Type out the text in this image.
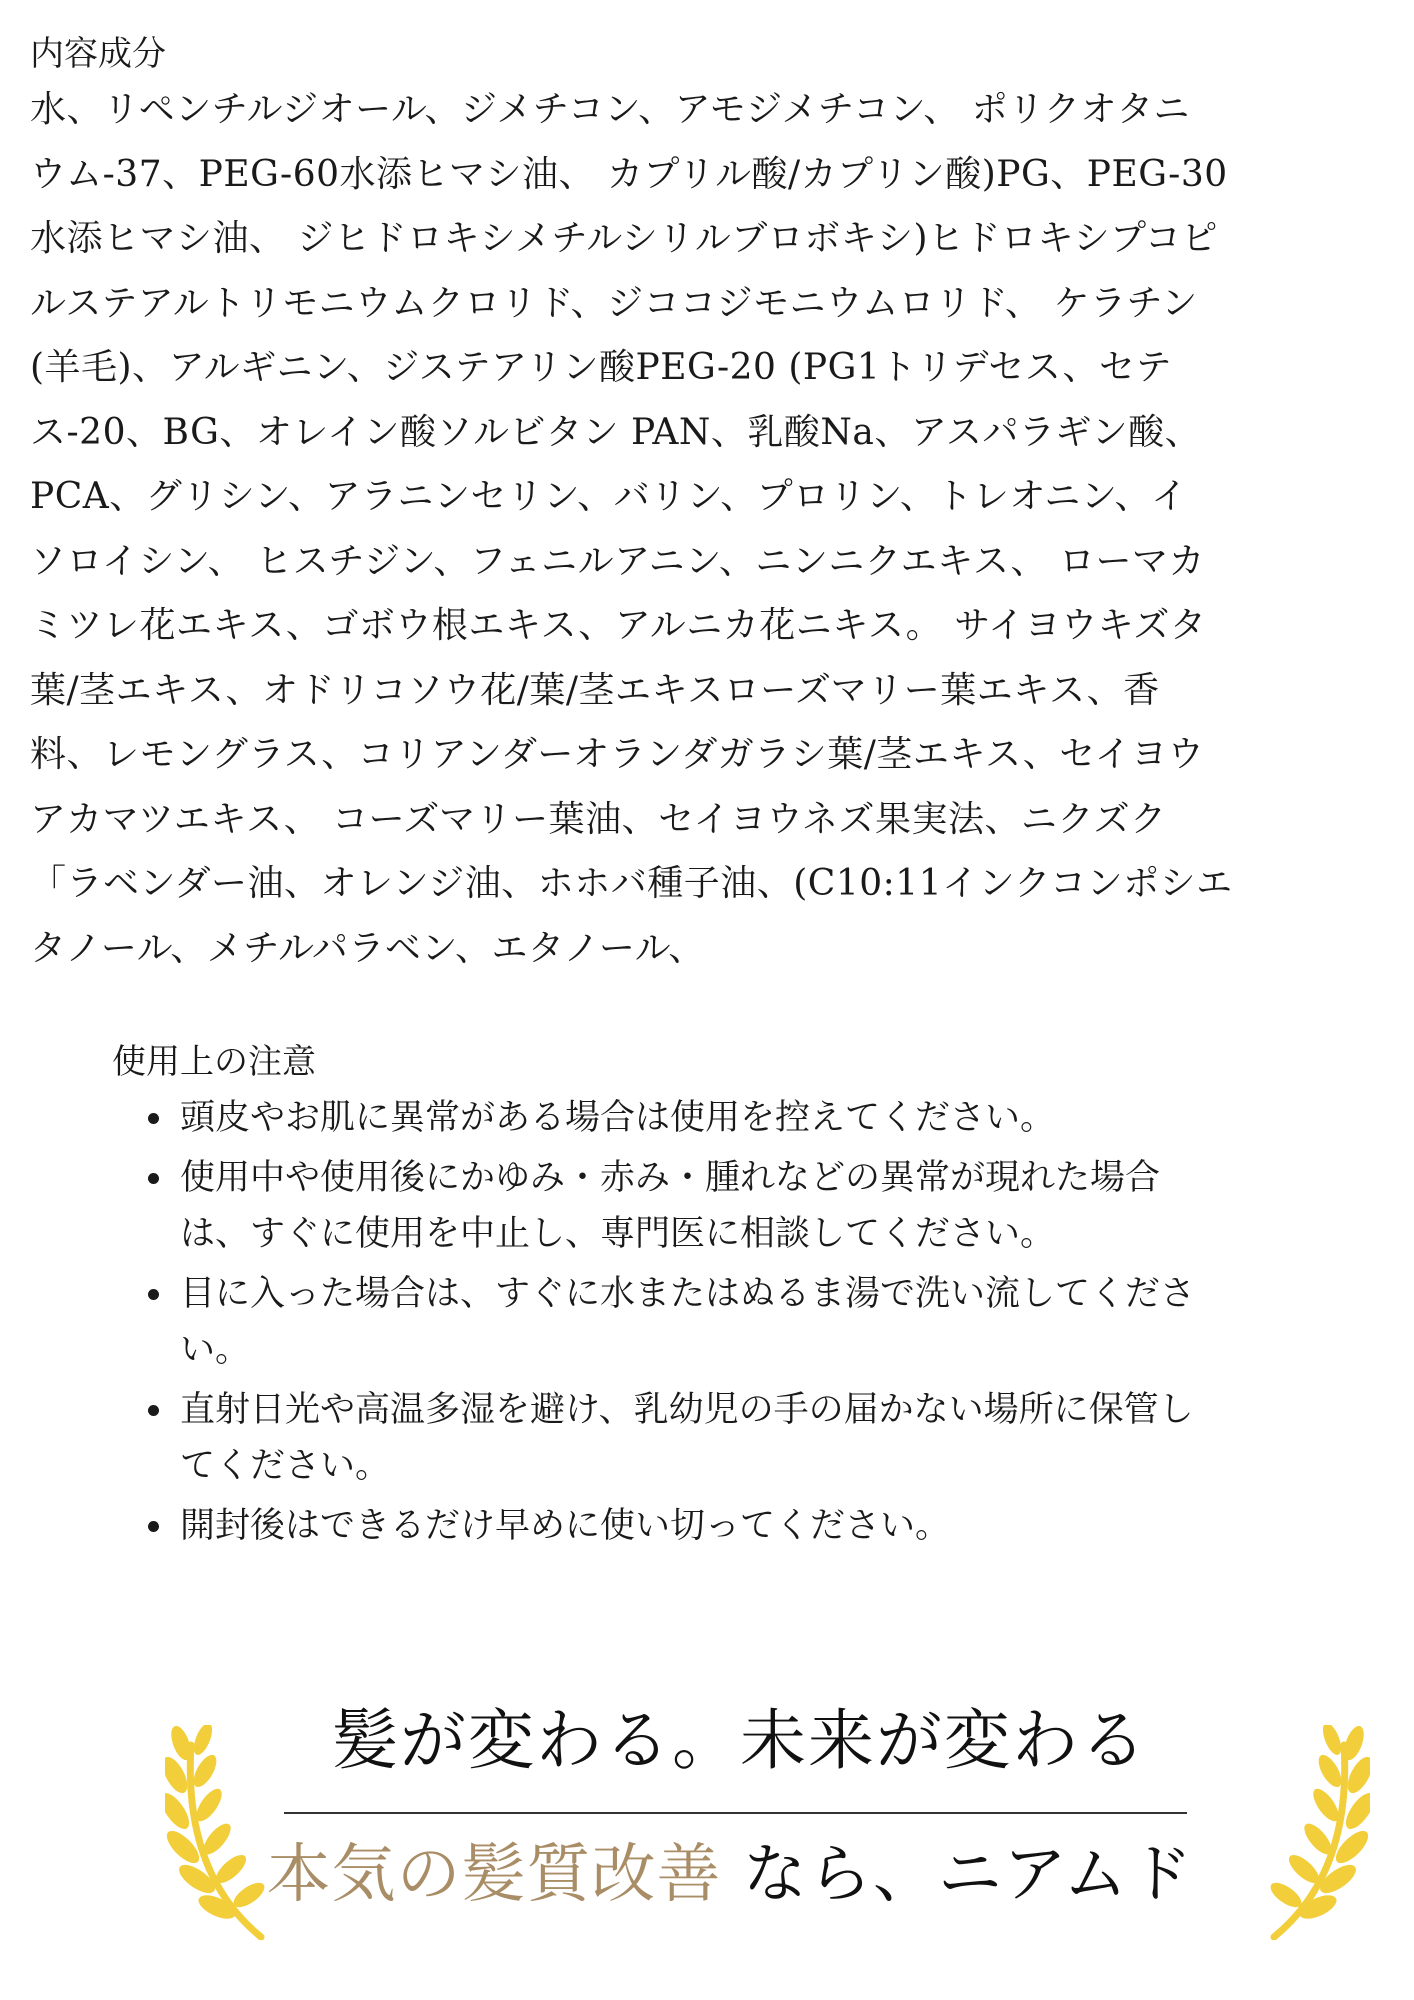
内容成分

水、リペンチルジオール、ジメチコン、アモジメチコン、 ポリクオタニ
ウム-37、PEG-60水添ヒマシ油、 カプリル酸/カプリン酸)PG、PEG-30
水添ヒマシ油、 ジヒドロキシメチルシリルブロボキシ)ヒドロキシプコピ
ルステアルトリモニウムクロリド、ジココジモニウムロリド、 ケラチン
(羊毛)、アルギニン、ジステアリン酸PEG-20 (PG1トリデセス、セテ
ス-20、BG、オレイン酸ソルビタン PAN、乳酸Na、アスパラギン酸、
PCA、グリシン、アラニンセリン、バリン、プロリン、トレオニン、イ
ソロイシン、 ヒスチジン、フェニルアニン、ニンニクエキス、 ローマカ
ミツレ花エキス、ゴボウ根エキス、アルニカ花ニキス。 サイヨウキズタ
葉/茎エキス、オドリコソウ花/葉/茎エキスローズマリー葉エキス、香
料、レモングラス、コリアンダーオランダガラシ葉/茎エキス、セイヨウ
アカマツエキス、 コーズマリー葉油、セイヨウネズ果実法、ニクズク
「ラベンダー油、オレンジ油、ホホバ種子油、(C10:11インクコンポシエ
タノール、メチルパラベン、エタノール、

使用上の注意
頭皮やお肌に異常がある場合は使用を控えてください。
使用中や使用後にかゆみ・赤み・腫れなどの異常が現れた場合
は、すぐに使用を中止し、専門医に相談してください。
目に入った場合は、すぐに水またはぬるま湯で洗い流してくださ
い。
直射日光や高温多湿を避け、乳幼児の手の届かない場所に保管し
てください。
開封後はできるだけ早めに使い切ってください。
髪が変わる。未来が変わる
本気の髪質改善 なら、ニアムド
